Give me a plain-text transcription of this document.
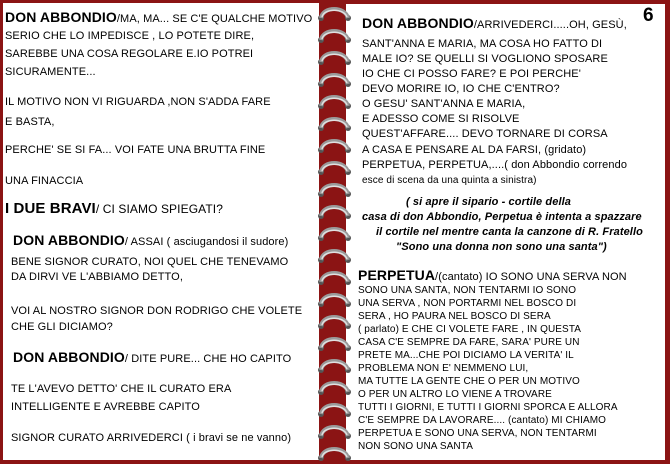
DON ABBONDIO/MA, MA... SE C'E QUALCHE MOTIVO
SERIO CHE LO IMPEDISCE , LO POTETE DIRE,
SAREBBE UNA COSA REGOLARE E.IO POTREI
SICURAMENTE...
IL MOTIVO NON VI RIGUARDA ,NON S'ADDA FARE
E BASTA,
PERCHE' SE SI FA... VOI FATE UNA BRUTTA FINE
UNA FINACCIA
I DUE BRAVI/ CI SIAMO SPIEGATI?
DON ABBONDIO/ ASSAI ( asciugandosi il sudore)
BENE SIGNOR CURATO, NOI QUEL CHE TENEVAMO
DA DIRVI VE L'ABBIAMO DETTO,
VOI AL NOSTRO SIGNOR DON RODRIGO CHE VOLETE
CHE GLI DICIAMO?
DON ABBONDIO/ DITE PURE... CHE HO CAPITO
TE L'AVEVO DETTO' CHE IL CURATO ERA
INTELLIGENTE E AVREBBE CAPITO
SIGNOR CURATO ARRIVEDERCI ( i bravi se ne vanno)
DON ABBONDIO/ARRIVEDERCI.....OH, GESÙ,
SANT'ANNA E MARIA, MA COSA HO FATTO DI
MALE IO? SE QUELLI SI VOGLIONO SPOSARE
IO CHE CI POSSO FARE? E POI PERCHE'
DEVO MORIRE IO, IO CHE C'ENTRO?
O GESU' SANT'ANNA E MARIA,
E ADESSO COME SI RISOLVE
QUEST'AFFARE.... DEVO TORNARE DI CORSA
A CASA E PENSARE AL DA FARSI, (gridato)
PERPETUA, PERPETUA,....( don Abbondio correndo
esce di scena da una quinta a sinistra)
( si apre il sipario - cortile della
casa di don Abbondio, Perpetua è intenta a spazzare
il cortile nel mentre canta la canzone di R. Fratello
"Sono una donna non sono una santa")
PERPETUA/(cantato) IO SONO UNA SERVA NON
SONO UNA SANTA, NON TENTARMI IO SONO
UNA SERVA , NON PORTARMI NEL BOSCO DI
SERA , HO PAURA NEL BOSCO DI SERA
( parlato) E CHE CI VOLETE FARE , IN QUESTA
CASA C'E SEMPRE DA FARE, SARA' PURE UN
PRETE MA...CHE POI DICIAMO LA VERITA' IL
PROBLEMA NON E' NEMMENO LUI,
MA TUTTE LA GENTE CHE O PER UN MOTIVO
O PER UN ALTRO LO VIENE A TROVARE
TUTTI I GIORNI, E TUTTI I GIORNI SPORCA E ALLORA
C'E SEMPRE DA LAVORARE.... (cantato) MI CHIAMO
PERPETUA E SONO UNA SERVA, NON TENTARMI
NON SONO UNA SANTA
6
